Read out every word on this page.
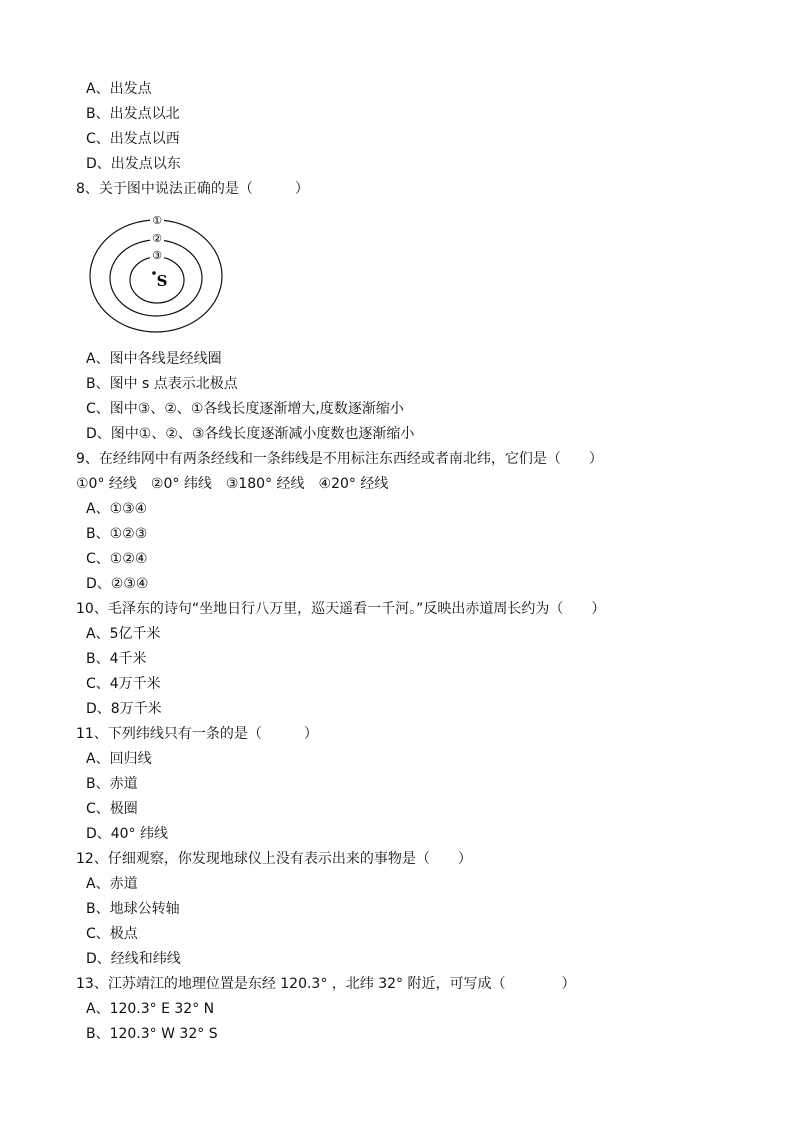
A、出发点
B、出发点以北
C、出发点以西
D、出发点以东
8、关于图中说法正确的是（　　　）
①
②
③
S
A、图中各线是经线圈
B、图中 s 点表示北极点
C、图中③、②、①各线长度逐渐增大,度数逐渐缩小
D、图中①、②、③各线长度逐渐减小度数也逐渐缩小
9、在经纬网中有两条经线和一条纬线是不用标注东西经或者南北纬，它们是（　　）
①0° 经线　②0° 纬线　③180° 经线　④20° 经线
A、①③④
B、①②③
C、①②④
D、②③④
10、毛泽东的诗句“坐地日行八万里，巡天遥看一千河。”反映出赤道周长约为（　　）
A、5亿千米
B、4千米
C、4万千米
D、8万千米
11、下列纬线只有一条的是（　　　）
A、回归线
B、赤道
C、极圈
D、40° 纬线
12、仔细观察，你发现地球仪上没有表示出来的事物是（　　）
A、赤道
B、地球公转轴
C、极点
D、经线和纬线
13、江苏靖江的地理位置是东经 120.3° ，北纬 32° 附近，可写成（　　　　）
A、120.3° E 32° N
B、120.3° W 32° S
